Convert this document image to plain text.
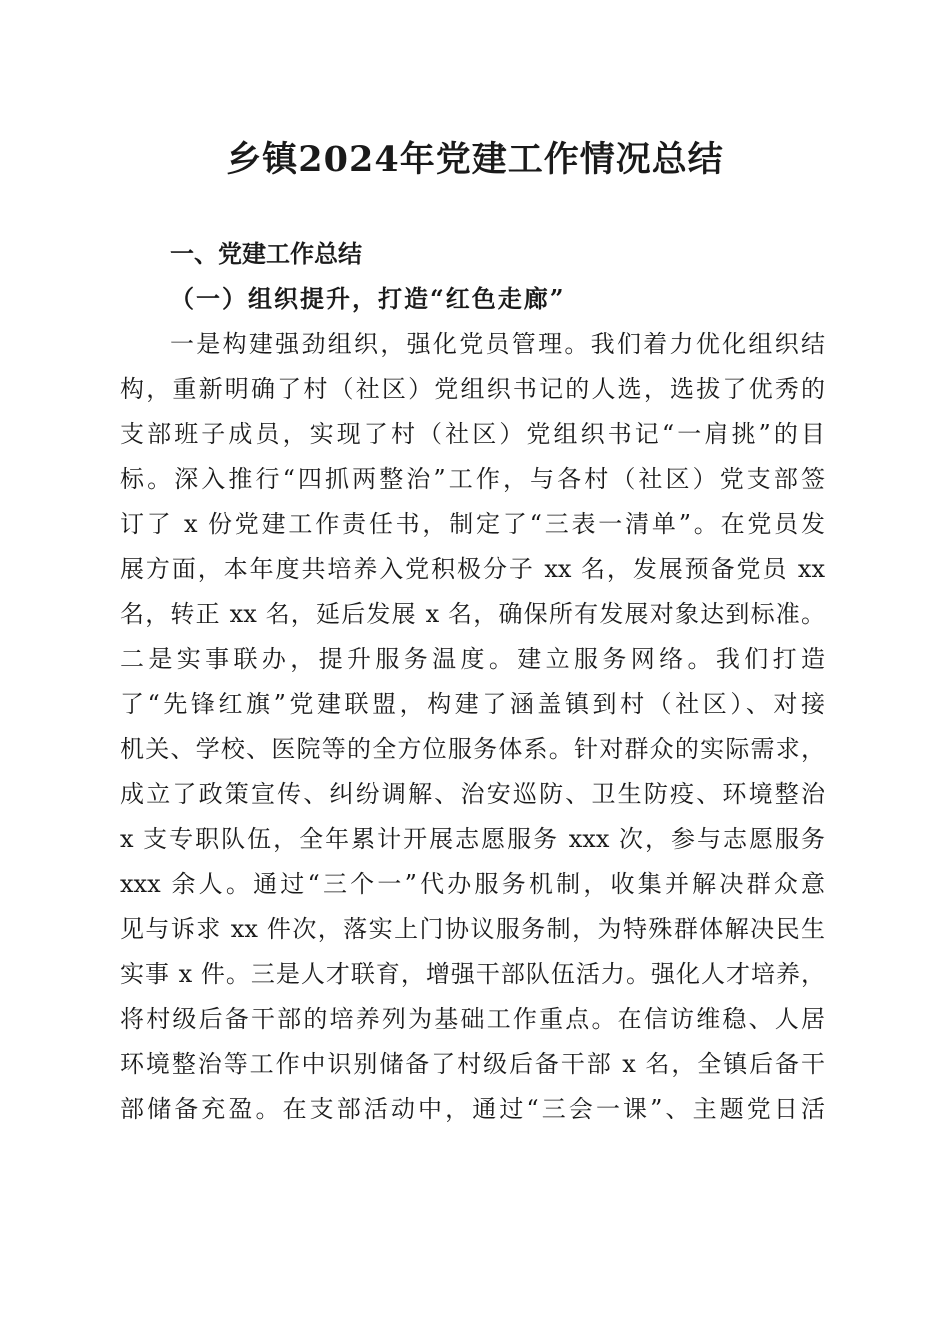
乡镇2024年党建工作情况总结
一、党建工作总结
（一）组织提升，打造“红色走廊”
一是构建强劲组织，强化党员管理。我们着力优化组织结
构，重新明确了村（社区）党组织书记的人选，选拔了优秀的
支部班子成员，实现了村（社区）党组织书记“一肩挑”的目
标。深入推行“四抓两整治”工作，与各村（社区）党支部签
订了 x 份党建工作责任书，制定了“三表一清单”。在党员发
展方面，本年度共培养入党积极分子 xx 名，发展预备党员 xx
名，转正 xx 名，延后发展 x 名，确保所有发展对象达到标准。
二是实事联办，提升服务温度。建立服务网络。我们打造
了“先锋红旗”党建联盟，构建了涵盖镇到村（社区）、对接
机关、学校、医院等的全方位服务体系。针对群众的实际需求，
成立了政策宣传、纠纷调解、治安巡防、卫生防疫、环境整治
x 支专职队伍，全年累计开展志愿服务 xxx 次，参与志愿服务
xxx 余人。通过“三个一”代办服务机制，收集并解决群众意
见与诉求 xx 件次，落实上门协议服务制，为特殊群体解决民生
实事 x 件。三是人才联育，增强干部队伍活力。强化人才培养，
将村级后备干部的培养列为基础工作重点。在信访维稳、人居
环境整治等工作中识别储备了村级后备干部 x 名，全镇后备干
部储备充盈。在支部活动中，通过“三会一课”、主题党日活
